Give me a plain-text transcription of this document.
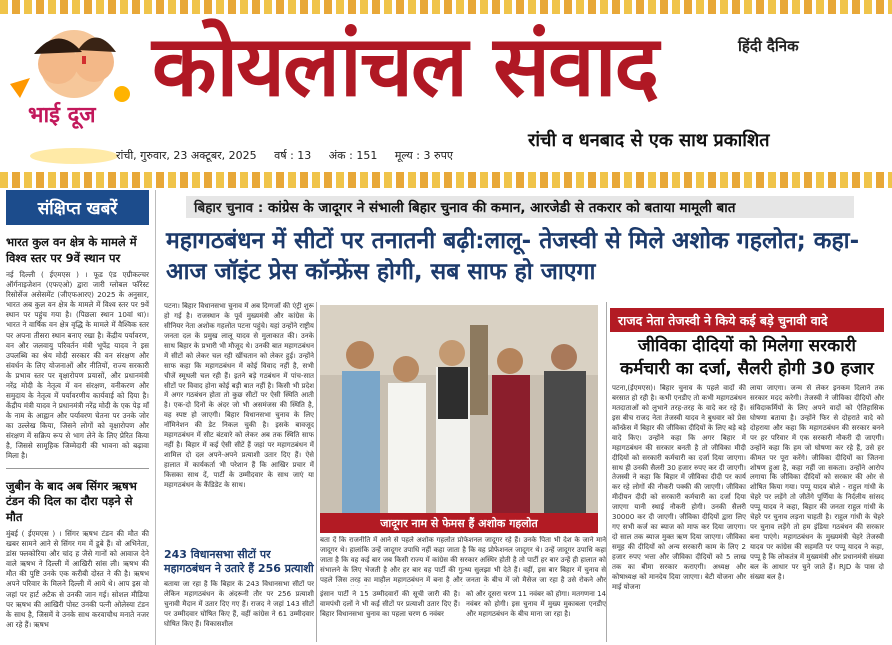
भाई दूज कोयलांचल संवाद	हिंदी दैनिक
रांची व धनबाद से एक साथ प्रकाशित
रांची, गुरुवार, 23 अक्टूबर, 2025 वर्ष : 13 अंक : 151 मूल्य : 3 रुपए
संक्षिप्त खबरें
भारत कुल वन क्षेत्र के मामले में विश्व स्तर पर 9वें स्थान पर
नई दिल्ली ( ईएमएस ) । फूड एंड एग्रीकल्चर ऑर्गनाइजेशन (एफएओ) द्वारा जारी ग्लोबल फॉरेस्ट रिसोर्सेज असेसमेंट (जीएफआरए) 2025 के अनुसार, भारत अब कुल वन क्षेत्र के मामले में विश्व स्तर पर 9वें स्थान पर पहुंच गया है। (पिछला स्थान 10वां था)। भारत ने वार्षिक वन क्षेत्र वृद्धि के मामले में वैश्विक स्तर पर अपना तीसरा स्थान बनाए रखा है। केंद्रीय पर्यावरण, वन और जलवायु परिवर्तन मंत्री भूपेंद्र यादव ने इस उपलब्धि का श्रेय मोदी सरकार की वन संरक्षण और संवर्धन के लिए योजनाओं और नीतियों, राज्य सरकारी के प्रभाव स्तर पर वृक्षारोपण प्रयासों, और प्रधानमंत्री नरेंद्र मोदी के नेतृत्व में वन संरक्षण, वनीकरण और समुदाय के नेतृत्व में पर्यावरणीय कार्यवाई को दिया है। केंद्रीय मंत्री यादव ने प्रधानमंत्री नरेंद्र मोदी के एक पेड़ माँ के नाम के आह्वान और पर्यावरण चेतना पर उनके जोर का उल्लेख किया, जिसने लोगों को वृक्षारोपण और संरक्षण में सक्रिय रूप से भाग लेने के लिए प्रेरित किया है, जिससे सामूहिक जिम्मेदारी की भावना को बढ़ावा मिला है।
जुबीन के बाद अब सिंगर ऋषभ टंडन की दिल का दौरा पड़ने से मौत
मुंबई ( ईएमएस ) । सिंगर ऋषभ टंडन की मौत की खबर सामने आने से सिंगर गम में डूबे हैं। वो अभिनेता, डांस फ्लकोरिया और चांद ह जैसे गानों को आवाज देने वाले ऋषभ ने दिल्ली में आखिरी सांस ली। ऋषभ की मौत की पुष्टि उनके एक करीबी दोस्त ने की है। ऋषभ अपने परिवार के मिलने दिल्ली में आये थे। आप इस वो जहां पर हार्ट अटैक से उनकी जान गई। सोशल मीडिया पर ऋषभ की आखिरी पोस्ट उनकी पत्नी ओलेस्या टंडन के साथ है, जिसमें वे उनके साथ करवाचौथ मनाते नजर आ रहे हैं। ऋषभ
बिहार चुनाव : कांग्रेस के जादूगर ने संभाली बिहार चुनाव की कमान, आरजेडी से तकरार को बताया मामूली बात
महागठबंधन में सीटों पर तनातनी बढ़ी:लालू- तेजस्वी से मिले अशोक गहलोत; कहा- आज जॉइंट प्रेस कॉन्फ्रेंस होगी, सब साफ हो जाएगा
पटना। बिहार विधानसभा चुनाव में अब दिग्गजों की एंट्री शुरू हो गई है। राजस्थान के पूर्व मुख्यमंत्री और कांग्रेस के सीनियर नेता अशोक गहलोत पटना पहुंचे। यहां उन्होंने राष्ट्रीय जनता दल के प्रमुख लालू यादव से मुलाकात की। उनके साथ बिहार के प्रभारी भी मौजूद थे। उनकी बात महागठबंधन में सीटों को लेकर चल रही खींचतान को लेकर हुई। उन्होंने साफ कहा कि महागठबंधन में कोई विवाद नहीं है, सभी चीजें स्मूथली चल रही हैं। इतने बड़े गठबंधन में पांच-सात सीटों पर विवाद होना कोई बड़ी बात नहीं है। किसी भी प्रदेश में अगर गठबंधन होता तो कुछ सीटों पर ऐसी स्थिति आती है। एक-दो दिनों के अंदर जो भी असमंजस की स्थिति है, वह स्पष्ट हो जाएगी। बिहार विधानसभा चुनाव के लिए नॉमिनेशन की डेट निकल चुकी है। इसके बावजूद महागठबंधन में सीट बंटवारे को लेकर अब तक स्थिति साफ नहीं है। बिहार में कई ऐसी सीटें हैं जहां पर महागठबंधन में शामिल दो दल अपने-अपने प्रत्याशी उतार दिए हैं। ऐसे हालात में कार्यकर्ता भी परेशान हैं कि आखिर प्रचार में किसका साथ दें, पार्टी के उम्मीदवार के साथ जाएं या महागठबंधन के कैंडिडेट के साथ।
243 विधानसभा सीटों पर महागठबंधन ने उतारे हैं 256 प्रत्याशी
बताया जा रहा है कि बिहार के 243 विधानसभा सीटों पर लेकिन महागठबंधन के अंदरूनी तौर पर 256 प्रत्याशी चुनावी मैदान में उतार दिए गए हैं। राजद ने जहां 143 सीटों पर उम्मीदवार घोषित किए हैं, वहीं कांग्रेस ने 61 उम्मीदवार घोषित किए हैं। विकासशील
जादूगर नाम से फेमस हैं अशोक गहलोत
बता दें कि राजनीति में आने से पहले अशोक गहलोत प्रोफेशनल जादूगर रहे हैं। उनके पिता भी देश के जाने माने जादूगर थे। हालांकि उन्हें जादूगर उपाधि नहीं कहा जाता है कि वह प्रोफेशनल जादूगर थे। उन्हें जादूगर उपाधि कहा जाता है कि वह कई बार जब किसी राज्य में कांग्रेस की सरकार अस्थिर होती है तो पार्टी हर बार उन्हें ही हालात को संभालने के लिए भेजती है और हर बार वह पार्टी की गुत्थ्य सुलझा भी देते हैं। वहीं, इस बार बिहार में चुनाव से पहले जिस तरह का माहौल महागठबंधन में बना है और जनता के बीच में जो मैसेज जा रहा है उसे रोकने और
इंसान पार्टी ने 15 उम्मीदवारों की सूची जारी की है। वामपंथी दलों ने भी कई सीटों पर प्रत्याशी उतार दिए हैं। बिहार विधानसभा चुनाव का पहला चरण 6 नवंबर
को और दूसरा चरण 11 नवंबर को होगा। मतगणना 14 नवंबर को होगी। इस चुनाव में मुख्य मुकाबला एनडीए और महागठबंधन के बीच माना जा रहा है।
राजद नेता तेजस्वी ने किये कई बड़े चुनावी वादे
जीविका दीदियों को मिलेगा सरकारी कर्मचारी का दर्जा, सैलरी होगी 30 हजार
पटना,(ईएमएस)। बिहार चुनाव के पहले वादों की बरसात हो रही है। कभी एनडीए तो कभी महागठबंधन मतदाताओं को लुभाने तरह-तरह के वादे कर रहे हैं। इस बीच राजद नेता तेजस्वी यादव ने बुधवार को प्रेस कॉन्फ्रेंस में बिहार की जीविका दीदियों के लिए बड़े बड़े वादे किए। उन्होंने कहा कि अगर बिहार में महागठबंधन की सरकार बनती है तो जीविका मीदी दीदियों को सरकारी कर्मचारी का दर्जा दिया जाएगा। साथ ही उनकी सैलरी 30 हजार रुपए कर दी जाएगी। तेजस्वी ने कहा कि बिहार में जीविका दीदी पर कार्य कर रहे लोगों की नौकरी पक्की की जाएगी। जीविका मीदीयन दीदी को सरकारी कर्मचारी का दर्जा दिया जाएगा यानी स्थाई नौकरी होगी। उनकी सैलरी 30000 कर दी जाएगी। जीविका दीदियों द्वारा लिए गए सभी कर्ज का ब्याज को माफ कर दिया जाएगा। दो साल तक ब्याज मुक्त ऋण दिया जाएगा। जीविका समूह की दीदियों को अन्य सरकारी काम के लिए 2 हजार रुपए भत्ता और जीविका दीदियों को 5 लाख तक का बीमा सरकार कराएगी। अध्यक्ष और कोषाध्यक्ष को मानदेय दिया जाएगा। बेटी योजना और माई योजना
लाया जाएगा। जन्म से लेकर इनकम दिलाने तक सरकार मदद करेगी। तेजस्वी ने जीविका दीदियों और संविदाकर्मियों के लिए अपने वादों को ऐतिहासिक घोषणा बताया है। उन्होंने फिर से दोहराते वादे को दोहराया और कहा कि महागठबंधन की सरकार बनने पर हर परिवार में एक सरकारी नौकरी दी जाएगी। उन्होंने कहा कि हम जो घोषणा कर रहे हैं, उसे हर कीमत पर पूरा करेंगे। जीविका दीदियों का जितना शोषण हुआ है, कहा नहीं जा सकता। उन्होंने आरोप लगाया कि जीविका दीदियों को सरकार की ओर से शोषित किया गया। पप्पू यादव बोले - राहुल गांधी के चेहरे पर लड़ेंगे तो जीतेंगे पूर्णिया के निर्दलीय सांसद पप्पू यादव ने कहा, बिहार की जनता राहुल गांधी के चेहरे पर चुनाव लड़ना चाहती है। राहुल गांधी के चेहरे पर चुनाव लड़ेंगे तो हम इंडिया गठबंधन की सरकार बना पाएंगे। महागठबंधन के मुख्यमंत्री चेहरे तेजस्वी यादव पर कांग्रेस की सहमति पर पप्पू यादव ने कहा, पप्पू है कि लोकतंत्र में मुख्यमंत्री और प्रधानमंत्री संख्या बल के आधार पर चुने जाते हैं। RJD के पास दो संख्या बल है।
